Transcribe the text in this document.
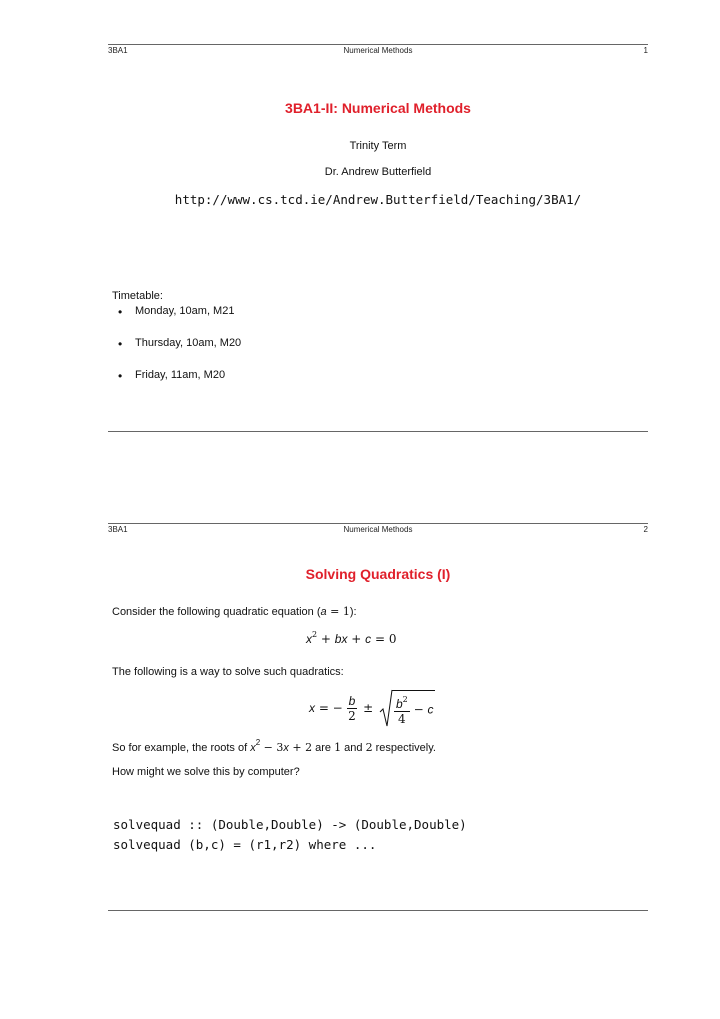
3BA1	Numerical Methods	1
3BA1-II: Numerical Methods
Trinity Term
Dr. Andrew Butterfield
http://www.cs.tcd.ie/Andrew.Butterfield/Teaching/3BA1/
Timetable:
• Monday, 10am, M21
• Thursday, 10am, M20
• Friday, 11am, M20
3BA1	Numerical Methods	2
Solving Quadratics (I)
Consider the following quadratic equation (a = 1):
$x^2$ + bx + c = 0
The following is a way to solve such quadratics:
x = − $\frac{b}{2} \pm \frac{b^2}{4} - c$
So for example, the roots of $x^2 - 3x + 2$ are 1 and 2 respectively.
How might we solve this by computer?
solvequad :: (Double,Double) -> (Double,Double)
solvequad (b,c) = (r1,r2) where ...
